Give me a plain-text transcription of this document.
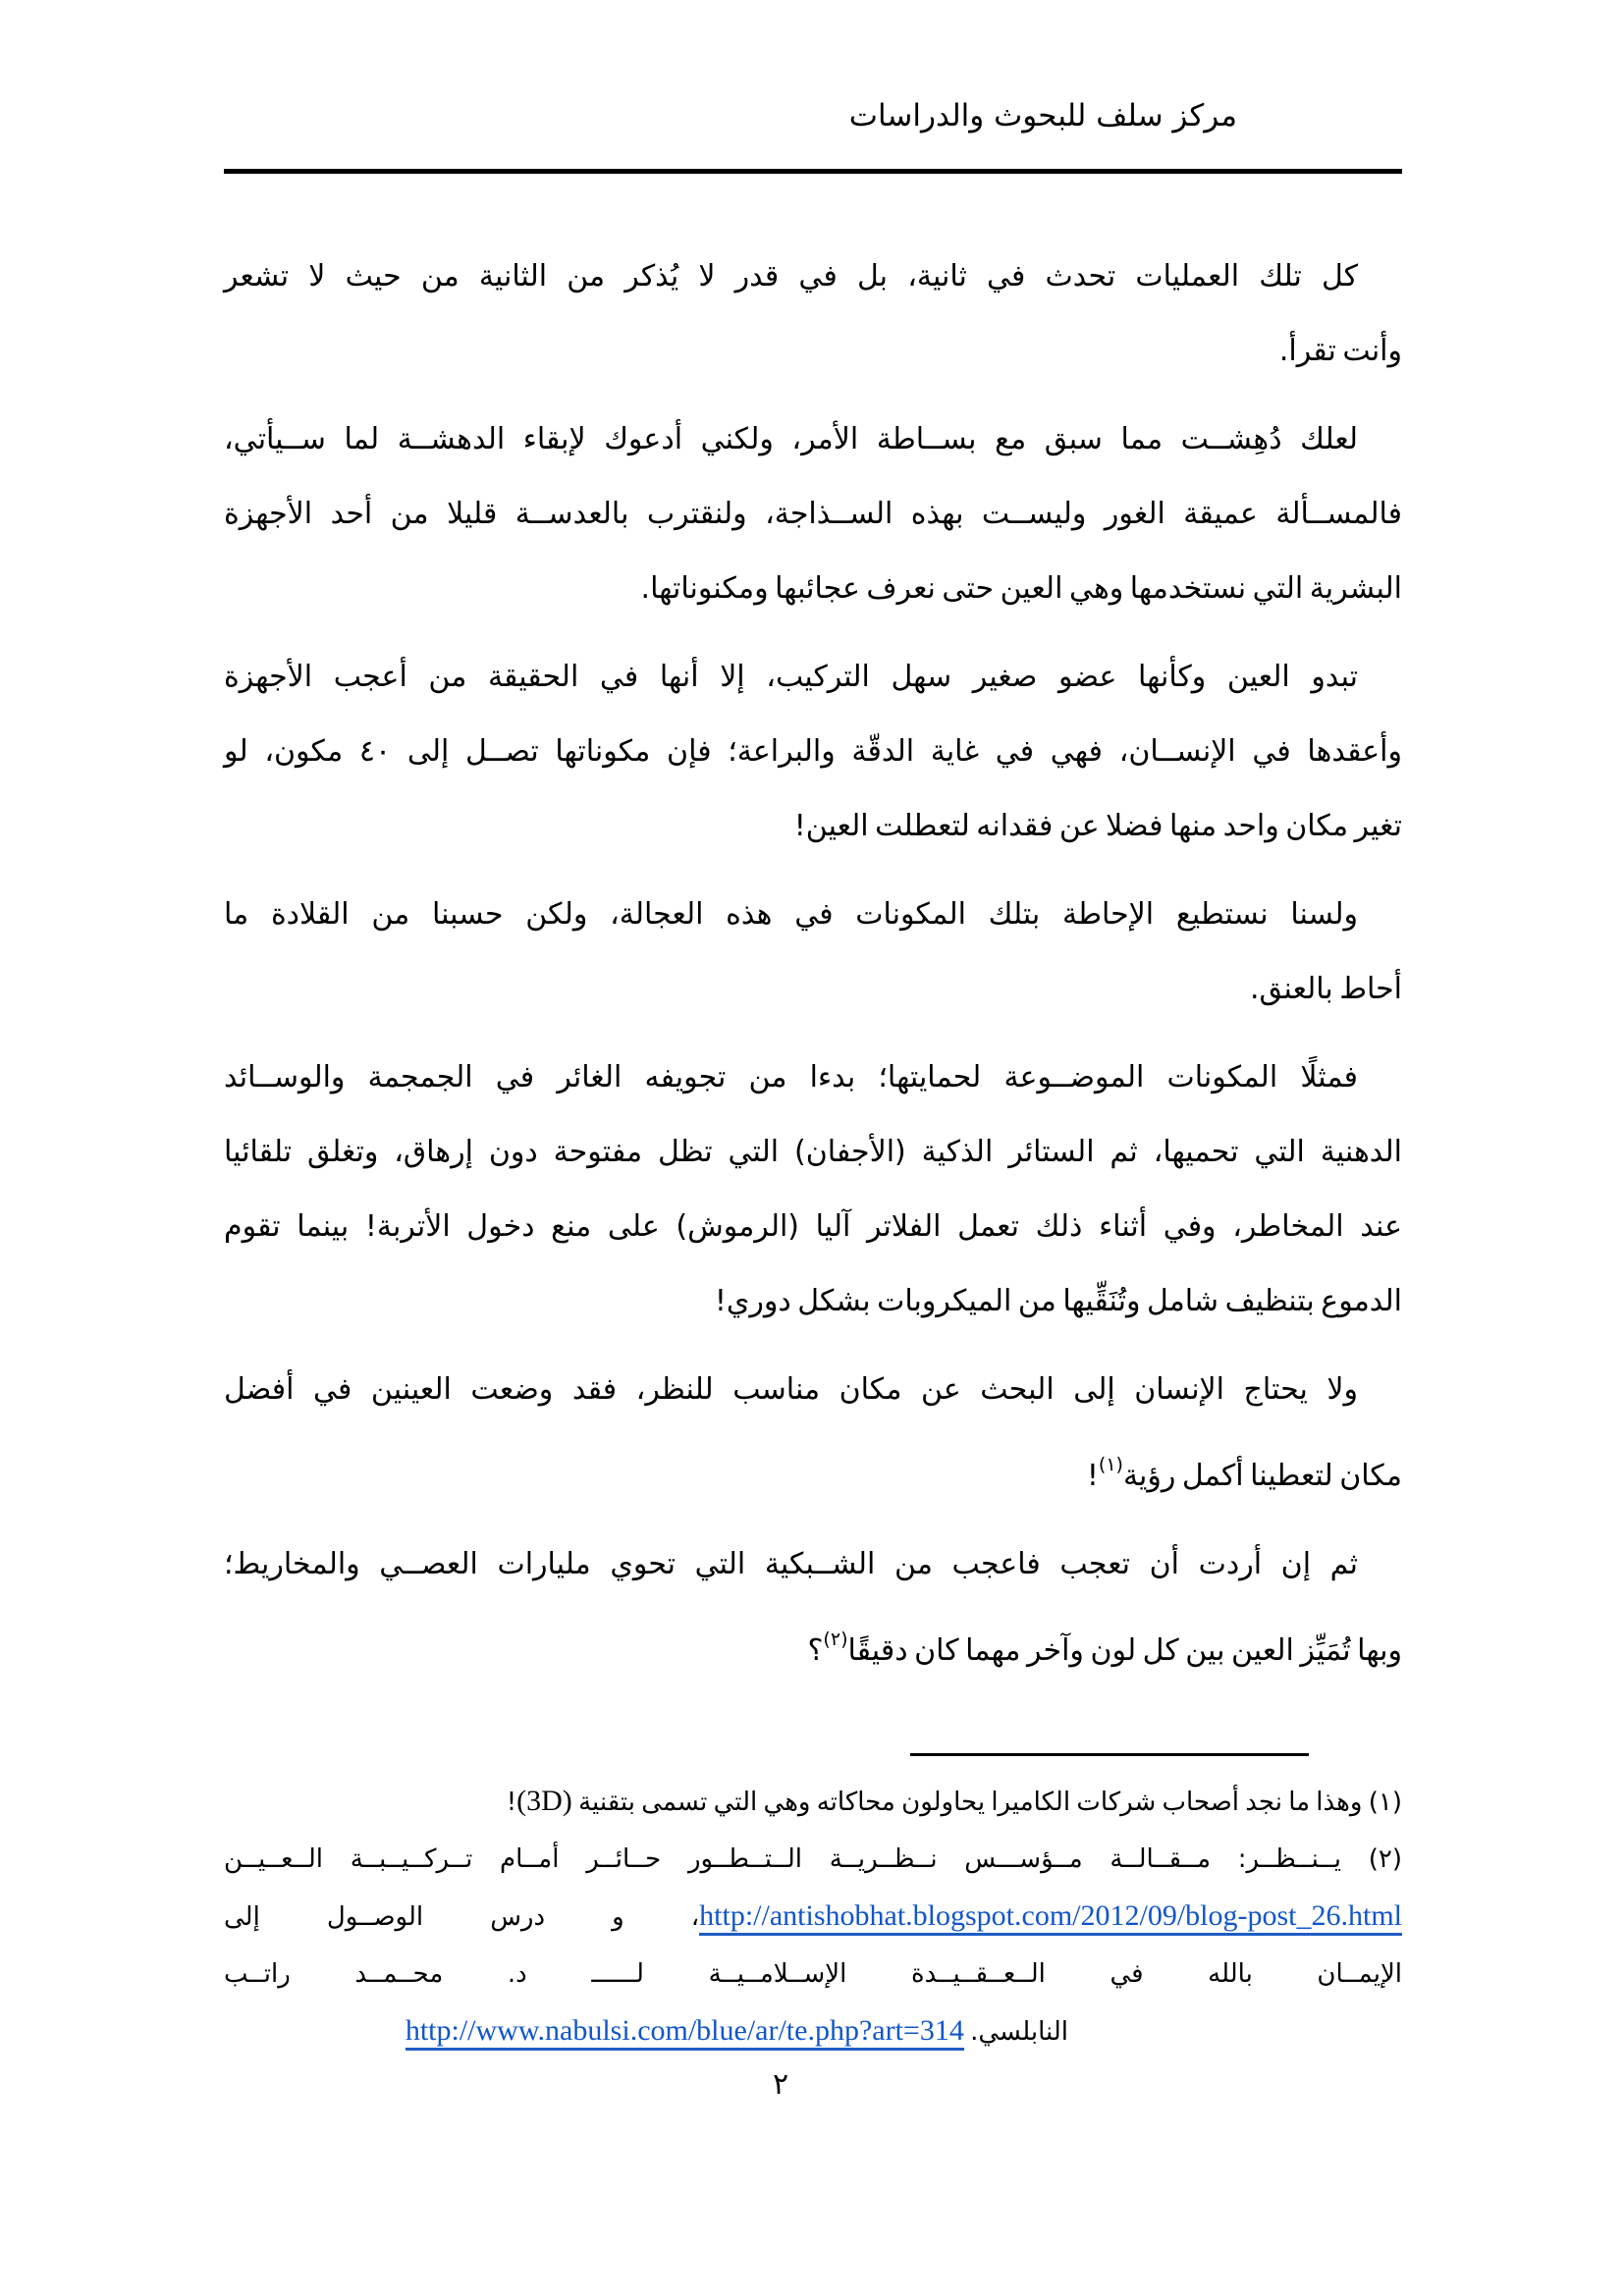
مركز سلف للبحوث والدراسات
كل تلك العمليات تحدث في ثانية، بل في قدر لا يُذكر من الثانية من حيث لا تشعر
وأنت تقرأ.
لعلك دُهِشــت مما سبق مع بســاطة الأمر، ولكني أدعوك لإبقاء الدهشــة لما ســيأتي،
فالمســألة عميقة الغور وليســت بهذه الســذاجة، ولنقترب بالعدســة قليلا من أحد الأجهزة
البشرية التي نستخدمها وهي العين حتى نعرف عجائبها ومكنوناتها.
تبدو العين وكأنها عضو صغير سهل التركيب، إلا أنها في الحقيقة من أعجب الأجهزة
وأعقدها في الإنســان، فهي في غاية الدقّة والبراعة؛ فإن مكوناتها تصــل إلى ٤٠ مكون، لو
تغير مكان واحد منها فضلا عن فقدانه لتعطلت العين!
ولسنا نستطيع الإحاطة بتلك المكونات في هذه العجالة، ولكن حسبنا من القلادة ما
أحاط بالعنق.
فمثلًا المكونات الموضــوعة لحمايتها؛ بدءا من تجويفه الغائر في الجمجمة والوســائد
الدهنية التي تحميها، ثم الستائر الذكية (الأجفان) التي تظل مفتوحة دون إرهاق، وتغلق تلقائيا
عند المخاطر، وفي أثناء ذلك تعمل الفلاتر آليا (الرموش) على منع دخول الأتربة! بينما تقوم
الدموع بتنظيف شامل وتُنَقِّيها من الميكروبات بشكل دوري!
ولا يحتاج الإنسان إلى البحث عن مكان مناسب للنظر، فقد وضعت العينين في أفضل
مكان لتعطينا أكمل رؤية$^{(١)}$!
ثم إن أردت أن تعجب فاعجب من الشــبكية التي تحوي مليارات العصــي والمخاريط؛
وبها تُمَيِّز العين بين كل لون وآخر مهما كان دقيقًا$^{(٢)}$؟
(١) وهذا ما نجد أصحاب شركات الكاميرا يحاولون محاكاته وهي التي تسمى بتقنية (3D)!
(٢) يــنــظــر: مــقــالــة مــؤســـس نــظــريــة الــتــطــور حــائــر أمــام تــركــيــبــة الــعــيــن
http://antishobhat.blogspot.com/2012/09/blog-post_26.html، و درس الوصــول إلى
الإيمــان بالله في الــعــقــيــدة الإســلامــيــة لــــــ د. محــمــد راتــب
النابلسي. http://www.nabulsi.com/blue/ar/te.php?art=314
٢
